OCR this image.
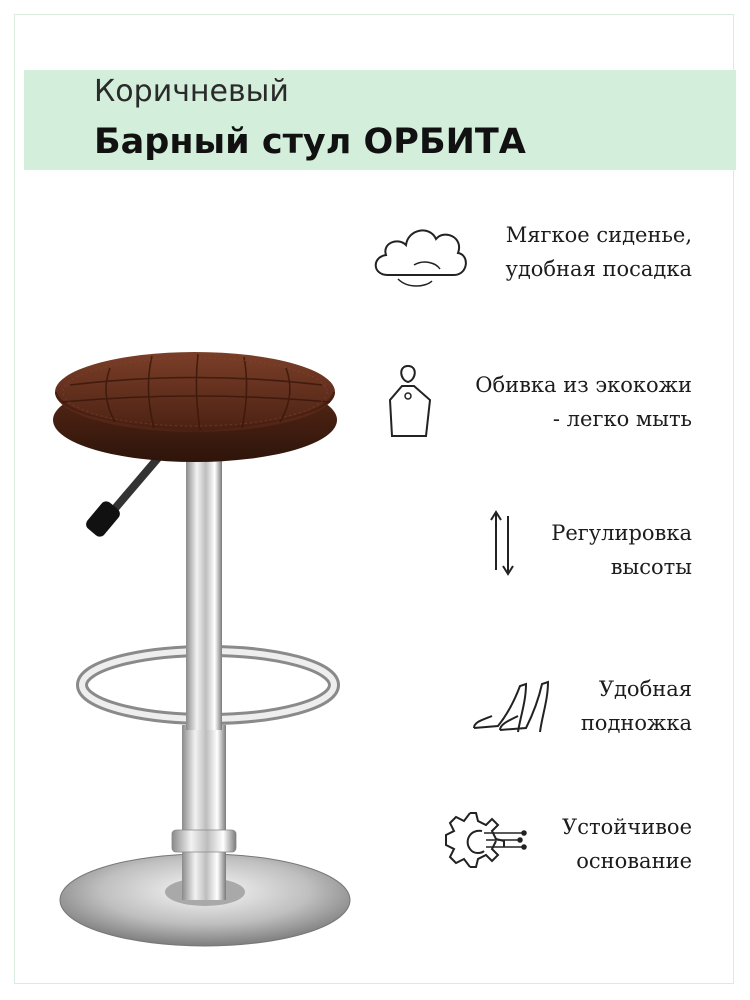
Коричневый
Барный стул ОРБИТА
Мягкое сиденье,
удобная посадка
Обивка из экокожи
- легко мыть
Регулировка
высоты
Удобная
подножка
Устойчивое
основание
